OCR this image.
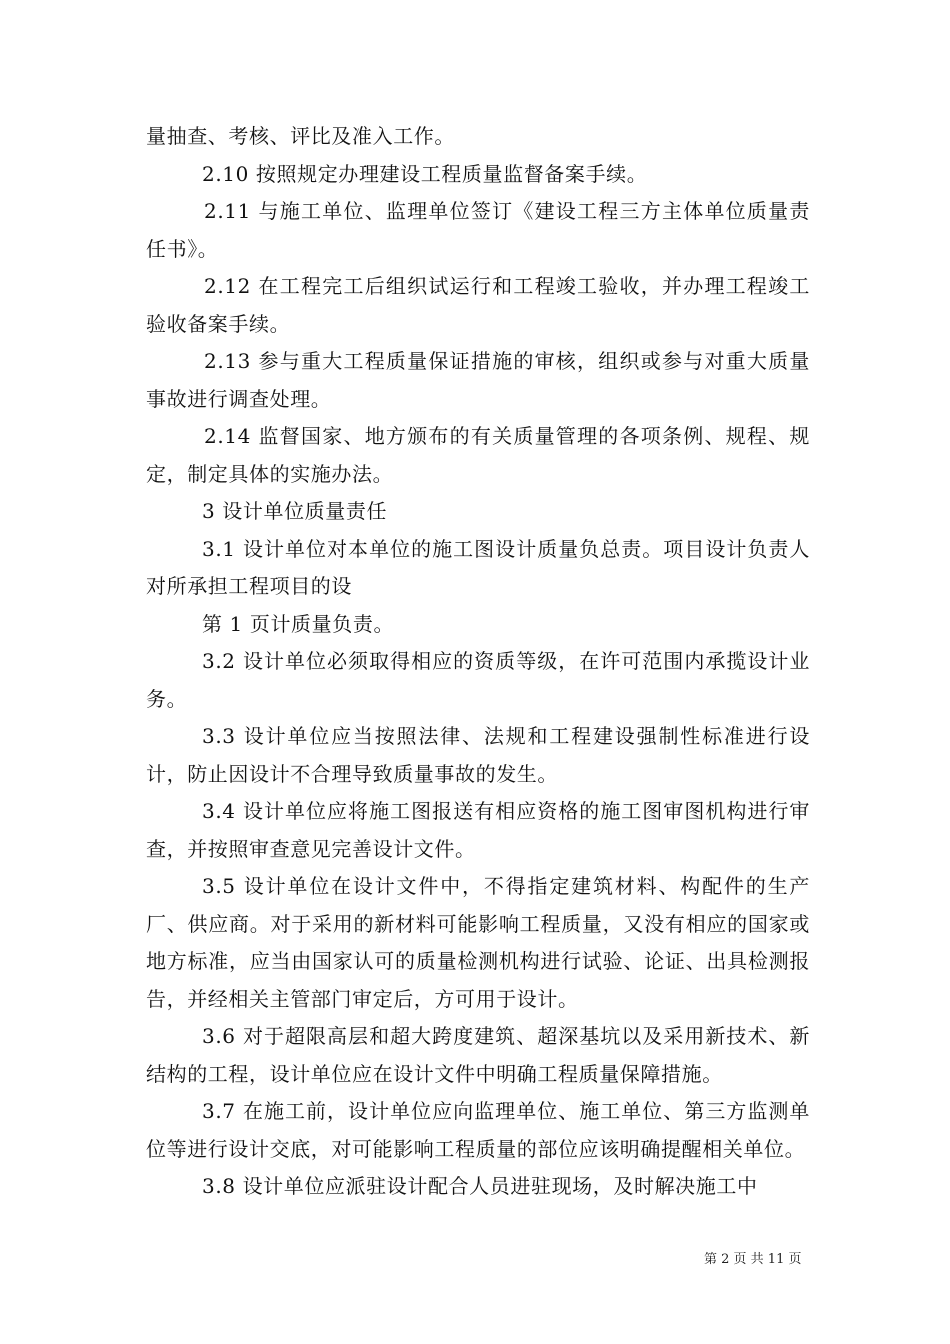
量抽查、考核、评比及准入工作。

2.10 按照规定办理建设工程质量监督备案手续。

2.11 与施工单位、监理单位签订《建设工程三方主体单位质量责任书》。

2.12 在工程完工后组织试运行和工程竣工验收，并办理工程竣工验收备案手续。

2.13 参与重大工程质量保证措施的审核，组织或参与对重大质量事故进行调查处理。

2.14 监督国家、地方颁布的有关质量管理的各项条例、规程、规定，制定具体的实施办法。

3 设计单位质量责任

3.1 设计单位对本单位的施工图设计质量负总责。项目设计负责人对所承担工程项目的设

第 1 页计质量负责。

3.2 设计单位必须取得相应的资质等级，在许可范围内承揽设计业务。

3.3 设计单位应当按照法律、法规和工程建设强制性标准进行设计，防止因设计不合理导致质量事故的发生。

3.4 设计单位应将施工图报送有相应资格的施工图审图机构进行审查，并按照审查意见完善设计文件。

3.5 设计单位在设计文件中，不得指定建筑材料、构配件的生产厂、供应商。对于采用的新材料可能影响工程质量，又没有相应的国家或地方标准，应当由国家认可的质量检测机构进行试验、论证、出具检测报告，并经相关主管部门审定后，方可用于设计。

3.6 对于超限高层和超大跨度建筑、超深基坑以及采用新技术、新结构的工程，设计单位应在设计文件中明确工程质量保障措施。

3.7 在施工前，设计单位应向监理单位、施工单位、第三方监测单位等进行设计交底，对可能影响工程质量的部位应该明确提醒相关单位。

3.8 设计单位应派驻设计配合人员进驻现场，及时解决施工中

第 2 页 共 11 页
